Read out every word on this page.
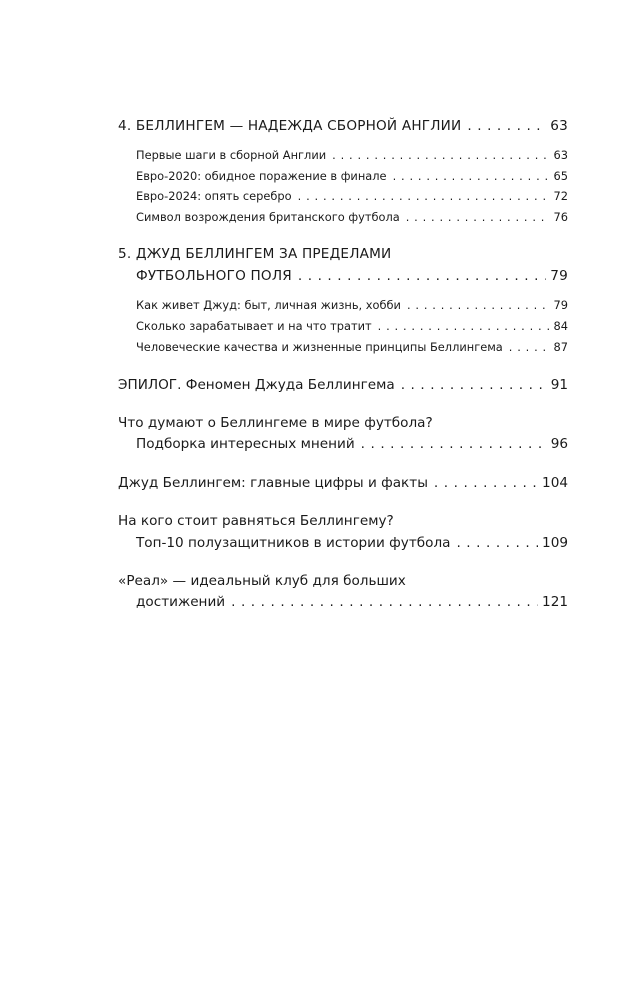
4. БЕЛЛИНГЕМ — НАДЕЖДА СБОРНОЙ АНГЛИИ . . .	63
Первые шаги в сборной Англии . . .	63
Евро-2020: обидное поражение в финале . . .	65
Евро-2024: опять серебро . . .	72
Символ возрождения британского футбола . . .	76
5. ДЖУД БЕЛЛИНГЕМ ЗА ПРЕДЕЛАМИ
ФУТБОЛЬНОГО ПОЛЯ . . .	79
Как живет Джуд: быт, личная жизнь, хобби . . .	79
Сколько зарабатывает и на что тратит . . .	84
Человеческие качества и жизненные принципы Беллингема . . .	87
ЭПИЛОГ. Феномен Джуда Беллингема . . .	91
Что думают о Беллингеме в мире футбола?
Подборка интересных мнений . . .	96
Джуд Беллингем: главные цифры и факты . . .	104
На кого стоит равняться Беллингему?
Топ-10 полузащитников в истории футбола . . .	109
«Реал» — идеальный клуб для больших
достижений . . .	121
